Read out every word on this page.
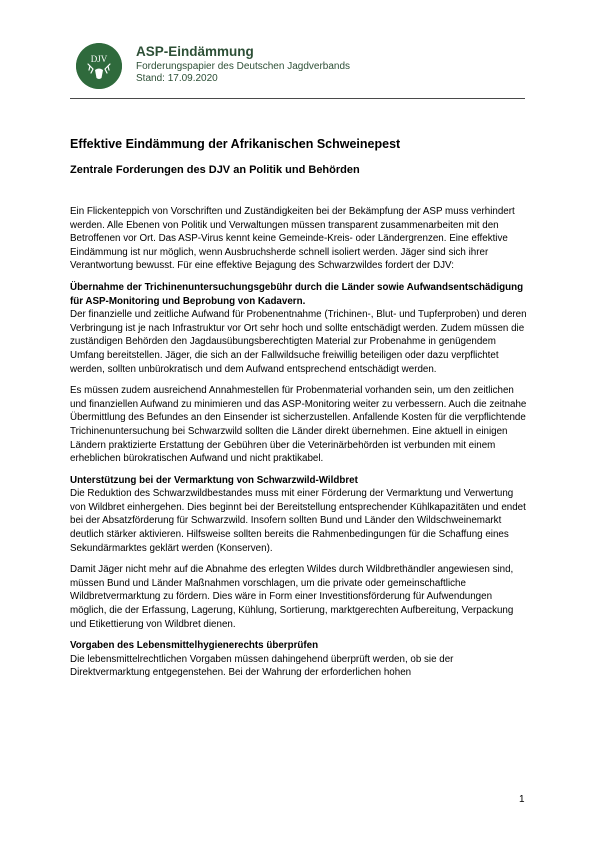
DJV ASP-Eindämmung
Forderungspapier des Deutschen Jagdverbands
Stand: 17.09.2020
Effektive Eindämmung der Afrikanischen Schweinepest
Zentrale Forderungen des DJV an Politik und Behörden

Ein Flickenteppich von Vorschriften und Zuständigkeiten bei der Bekämpfung der ASP muss verhindert werden. Alle Ebenen von Politik und Verwaltungen müssen transparent zusammenarbeiten mit den Betroffenen vor Ort. Das ASP-Virus kennt keine Gemeinde-Kreis- oder Ländergrenzen. Eine effektive Eindämmung ist nur möglich, wenn Ausbruchsherde schnell isoliert werden. Jäger sind sich ihrer Verantwortung bewusst. Für eine effektive Bejagung des Schwarzwildes fordert der DJV:

Übernahme der Trichinenuntersuchungsgebühr durch die Länder sowie Aufwandsentschädigung für ASP-Monitoring und Beprobung von Kadavern.
Der finanzielle und zeitliche Aufwand für Probenentnahme (Trichinen-, Blut- und Tupferproben) und deren Verbringung ist je nach Infrastruktur vor Ort sehr hoch und sollte entschädigt werden. Zudem müssen die zuständigen Behörden den Jagdausübungsberechtigten Material zur Probenahme in genügendem Umfang bereitstellen. Jäger, die sich an der Fallwildsuche freiwillig beteiligen oder dazu verpflichtet werden, sollten unbürokratisch und dem Aufwand entsprechend entschädigt werden.

Es müssen zudem ausreichend Annahmestellen für Probenmaterial vorhanden sein, um den zeitlichen und finanziellen Aufwand zu minimieren und das ASP-Monitoring weiter zu verbessern. Auch die zeitnahe Übermittlung des Befundes an den Einsender ist sicherzustellen. Anfallende Kosten für die verpflichtende Trichinenuntersuchung bei Schwarzwild sollten die Länder direkt übernehmen. Eine aktuell in einigen Ländern praktizierte Erstattung der Gebühren über die Veterinärbehörden ist verbunden mit einem erheblichen bürokratischen Aufwand und nicht praktikabel.

Unterstützung bei der Vermarktung von Schwarzwild-Wildbret
Die Reduktion des Schwarzwildbestandes muss mit einer Förderung der Vermarktung und Verwertung von Wildbret einhergehen. Dies beginnt bei der Bereitstellung entsprechender Kühlkapazitäten und endet bei der Absatzförderung für Schwarzwild. Insofern sollten Bund und Länder den Wildschweinemarkt deutlich stärker aktivieren. Hilfsweise sollten bereits die Rahmenbedingungen für die Schaffung eines Sekundärmarktes geklärt werden (Konserven).

Damit Jäger nicht mehr auf die Abnahme des erlegten Wildes durch Wildbrethändler angewiesen sind, müssen Bund und Länder Maßnahmen vorschlagen, um die private oder gemeinschaftliche Wildbretvermarktung zu fördern. Dies wäre in Form einer Investitionsförderung für Aufwendungen möglich, die der Erfassung, Lagerung, Kühlung, Sortierung, marktgerechten Aufbereitung, Verpackung und Etikettierung von Wildbret dienen.

Vorgaben des Lebensmittelhygienerechts überprüfen
Die lebensmittelrechtlichen Vorgaben müssen dahingehend überprüft werden, ob sie der Direktvermarktung entgegenstehen. Bei der Wahrung der erforderlichen hohen

1
